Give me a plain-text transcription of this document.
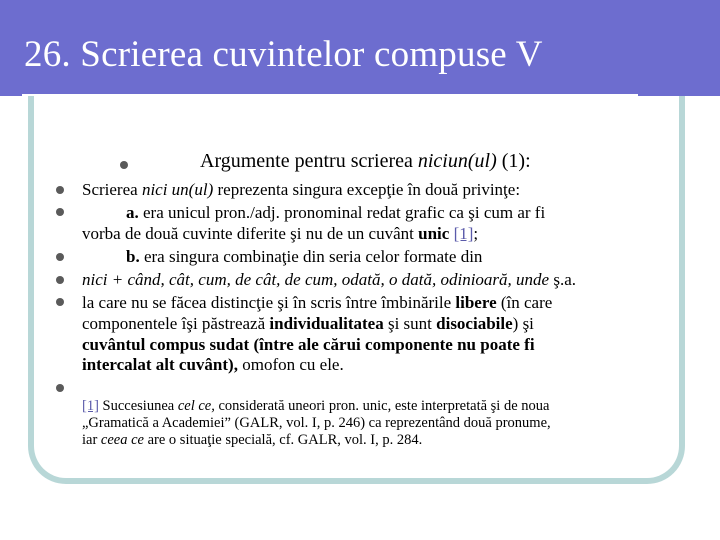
26. Scrierea cuvintelor compuse V
Argumente pentru scrierea niciun(ul) (1):
Scrierea nici un(ul) reprezenta singura excepţie în două privinţe:
a. era unicul pron./adj. pronominal redat grafic ca şi cum ar fi
vorba de două cuvinte diferite şi nu de un cuvânt unic [1];
b. era singura combinaţie din seria celor formate din
nici + când, cât, cum, de cât, de cum, odată, o dată, odinioară, unde ş.a.
la care nu se făcea distincţie şi în scris între îmbinările libere (în care
componentele îşi păstrează individualitatea şi sunt disociabile) şi
cuvântul compus sudat (între ale cărui componente nu poate fi
intercalat alt cuvânt), omofon cu ele.
[1] Succesiunea cel ce, considerată uneori pron. unic, este interpretată şi de noua
„Gramatică a Academiei” (GALR, vol. I, p. 246) ca reprezentând două pronume,
iar ceea ce are o situaţie specială, cf. GALR, vol. I, p. 284.
